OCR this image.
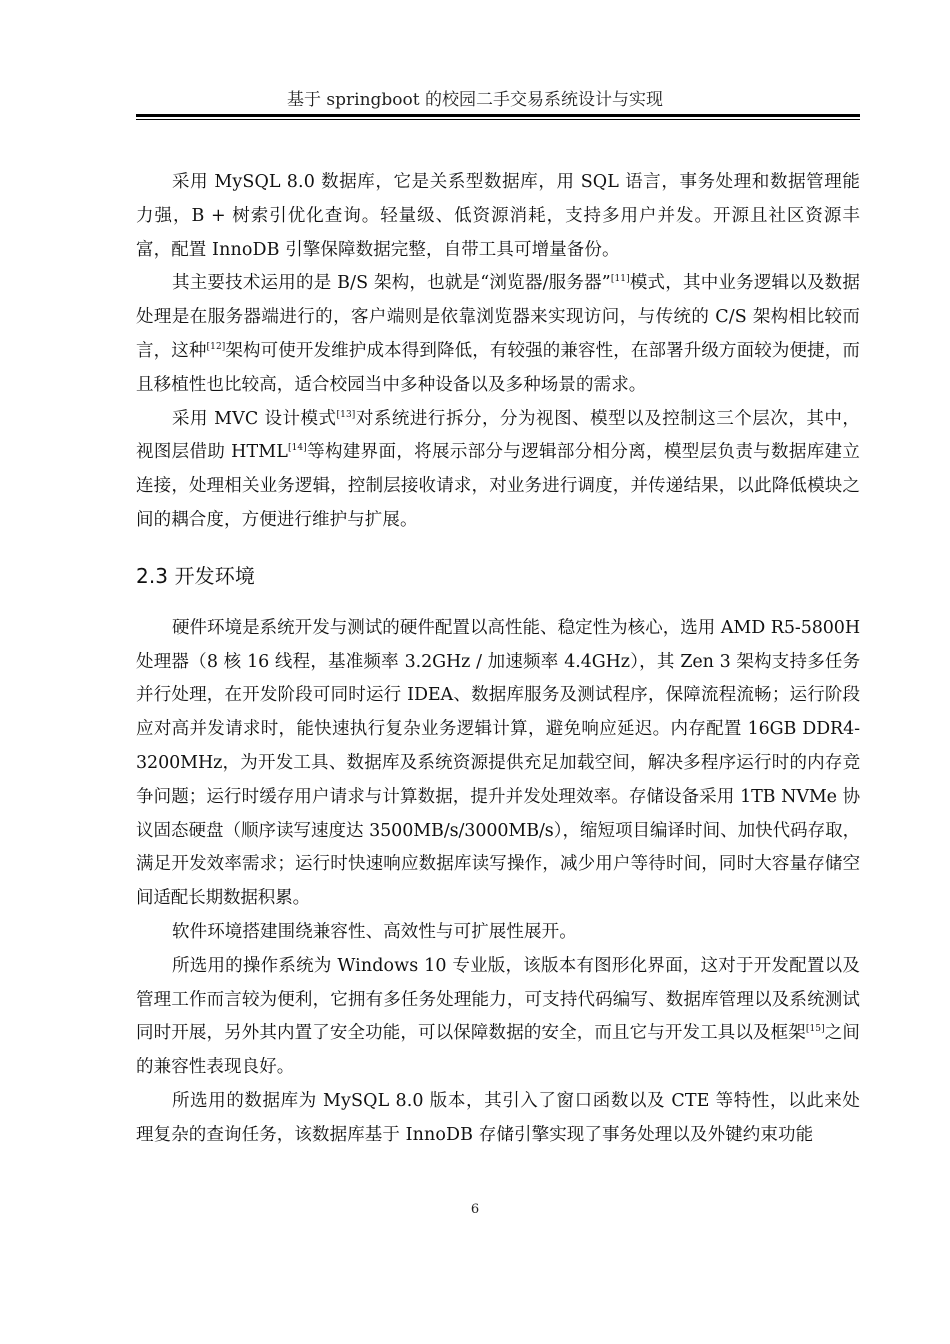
基于 springboot 的校园二手交易系统设计与实现

采用 MySQL 8.0 数据库，它是关系型数据库，用 SQL 语言，事务处理和数据管理能力强，B + 树索引优化查询。轻量级、低资源消耗，支持多用户并发。开源且社区资源丰富，配置 InnoDB 引擎保障数据完整，自带工具可增量备份。

其主要技术运用的是 B/S 架构，也就是“浏览器/服务器”[11]模式，其中业务逻辑以及数据处理是在服务器端进行的，客户端则是依靠浏览器来实现访问，与传统的 C/S 架构相比较而言，这种[12]架构可使开发维护成本得到降低，有较强的兼容性，在部署升级方面较为便捷，而且移植性也比较高，适合校园当中多种设备以及多种场景的需求。

采用 MVC 设计模式[13]对系统进行拆分，分为视图、模型以及控制这三个层次，其中，视图层借助 HTML[14]等构建界面，将展示部分与逻辑部分相分离，模型层负责与数据库建立连接，处理相关业务逻辑，控制层接收请求，对业务进行调度，并传递结果，以此降低模块之间的耦合度，方便进行维护与扩展。

2.3 开发环境

硬件环境是系统开发与测试的硬件配置以高性能、稳定性为核心，选用 AMD R5-5800H 处理器（8 核 16 线程，基准频率 3.2GHz / 加速频率 4.4GHz），其 Zen 3 架构支持多任务并行处理，在开发阶段可同时运行 IDEA、数据库服务及测试程序，保障流程流畅；运行阶段应对高并发请求时，能快速执行复杂业务逻辑计算，避免响应延迟。内存配置 16GB DDR4-3200MHz，为开发工具、数据库及系统资源提供充足加载空间，解决多程序运行时的内存竞争问题；运行时缓存用户请求与计算数据，提升并发处理效率。存储设备采用 1TB NVMe 协议固态硬盘（顺序读写速度达 3500MB/s/3000MB/s），缩短项目编译时间、加快代码存取，满足开发效率需求；运行时快速响应数据库读写操作，减少用户等待时间，同时大容量存储空间适配长期数据积累。

软件环境搭建围绕兼容性、高效性与可扩展性展开。

所选用的操作系统为 Windows 10 专业版，该版本有图形化界面，这对于开发配置以及管理工作而言较为便利，它拥有多任务处理能力，可支持代码编写、数据库管理以及系统测试同时开展，另外其内置了安全功能，可以保障数据的安全，而且它与开发工具以及框架[15]之间的兼容性表现良好。

所选用的数据库为 MySQL 8.0 版本，其引入了窗口函数以及 CTE 等特性，以此来处理复杂的查询任务，该数据库基于 InnoDB 存储引擎实现了事务处理以及外键约束功能

6
